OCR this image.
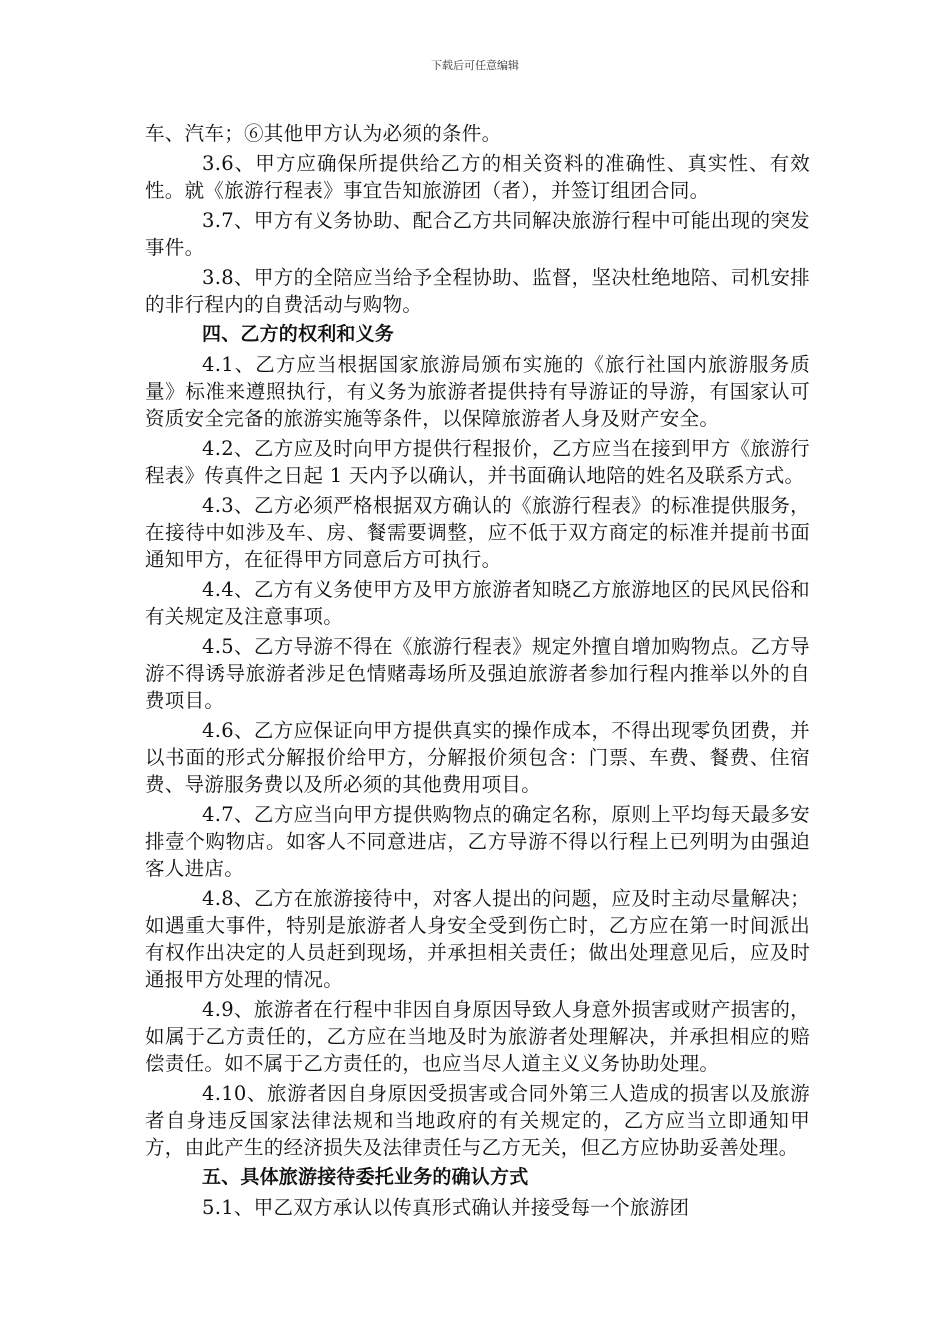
下载后可任意编辑

车、汽车；⑥其他甲方认为必须的条件。

3.6、甲方应确保所提供给乙方的相关资料的准确性、真实性、有效性。就《旅游行程表》事宜告知旅游团（者），并签订组团合同。

3.7、甲方有义务协助、配合乙方共同解决旅游行程中可能出现的突发事件。

3.8、甲方的全陪应当给予全程协助、监督，坚决杜绝地陪、司机安排的非行程内的自费活动与购物。

四、乙方的权利和义务

4.1、乙方应当根据国家旅游局颁布实施的《旅行社国内旅游服务质量》标准来遵照执行，有义务为旅游者提供持有导游证的导游，有国家认可资质安全完备的旅游实施等条件，以保障旅游者人身及财产安全。

4.2、乙方应及时向甲方提供行程报价，乙方应当在接到甲方《旅游行程表》传真件之日起 1 天内予以确认，并书面确认地陪的姓名及联系方式。

4.3、乙方必须严格根据双方确认的《旅游行程表》的标准提供服务，在接待中如涉及车、房、餐需要调整，应不低于双方商定的标准并提前书面通知甲方，在征得甲方同意后方可执行。

4.4、乙方有义务使甲方及甲方旅游者知晓乙方旅游地区的民风民俗和有关规定及注意事项。

4.5、乙方导游不得在《旅游行程表》规定外擅自增加购物点。乙方导游不得诱导旅游者涉足色情赌毒场所及强迫旅游者参加行程内推举以外的自费项目。

4.6、乙方应保证向甲方提供真实的操作成本，不得出现零负团费，并以书面的形式分解报价给甲方，分解报价须包含：门票、车费、餐费、住宿费、导游服务费以及所必须的其他费用项目。

4.7、乙方应当向甲方提供购物点的确定名称，原则上平均每天最多安排壹个购物店。如客人不同意进店，乙方导游不得以行程上已列明为由强迫客人进店。

4.8、乙方在旅游接待中，对客人提出的问题，应及时主动尽量解决；如遇重大事件，特别是旅游者人身安全受到伤亡时，乙方应在第一时间派出有权作出决定的人员赶到现场，并承担相关责任；做出处理意见后，应及时通报甲方处理的情况。

4.9、旅游者在行程中非因自身原因导致人身意外损害或财产损害的，如属于乙方责任的，乙方应在当地及时为旅游者处理解决，并承担相应的赔偿责任。如不属于乙方责任的，也应当尽人道主义义务协助处理。

4.10、旅游者因自身原因受损害或合同外第三人造成的损害以及旅游者自身违反国家法律法规和当地政府的有关规定的，乙方应当立即通知甲方，由此产生的经济损失及法律责任与乙方无关，但乙方应协助妥善处理。

五、具体旅游接待委托业务的确认方式

5.1、甲乙双方承认以传真形式确认并接受每一个旅游团
